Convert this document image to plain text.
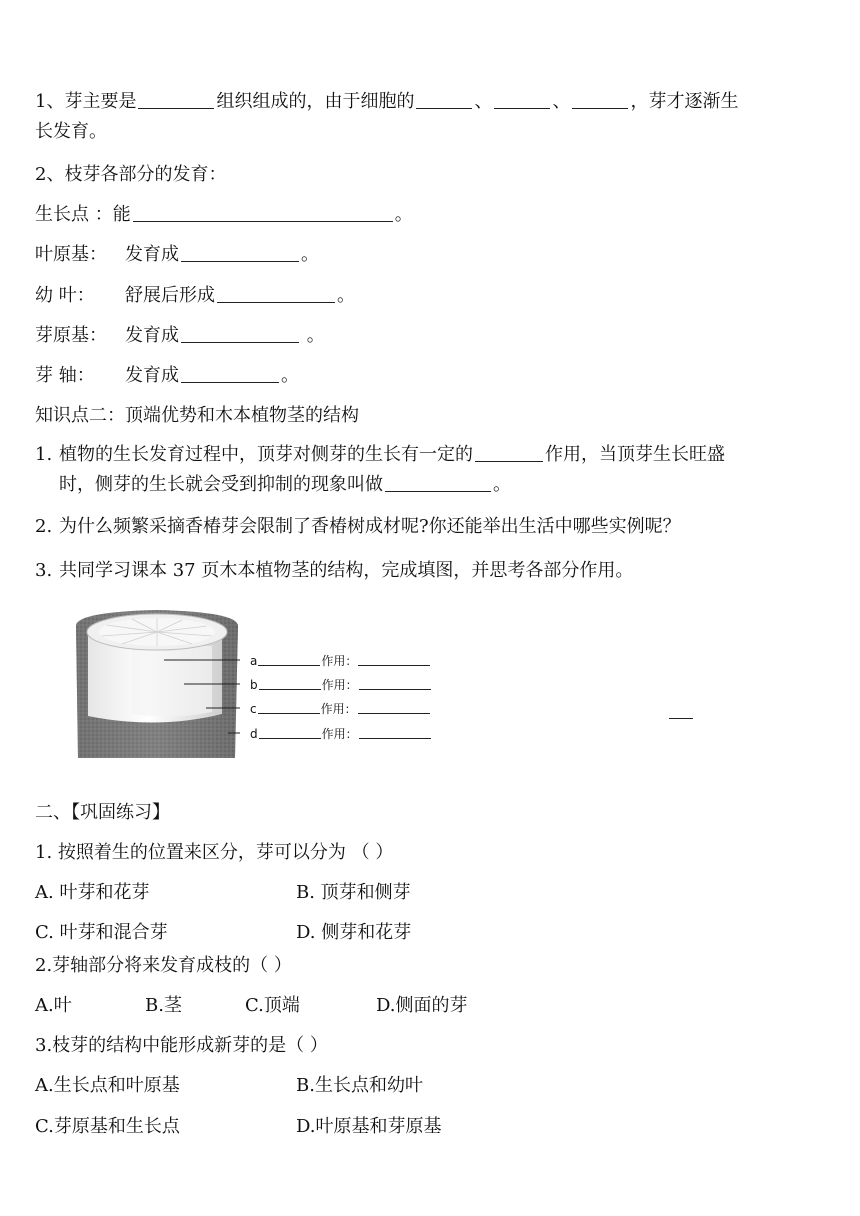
1、芽主要是	组织组成的，由于细胞的	、	、	，芽才逐渐生
长发育。
2、枝芽各部分的发育：
生长点 ：能	。
叶原基： 发育成	。
幼 叶： 舒展后形成	。
芽原基： 发育成	。
芽 轴： 发育成	。
知识点二：顶端优势和木本植物茎的结构
1. 植物的生长发育过程中，顶芽对侧芽的生长有一定的	作用，当顶芽生长旺盛
时，侧芽的生长就会受到抑制的现象叫做	。
2. 为什么频繁采摘香椿芽会限制了香椿树成材呢?你还能举出生活中哪些实例呢？
3. 共同学习课本 37 页木本植物茎的结构，完成填图，并思考各部分作用。
a	作用：
b	作用：
c	作用：
d	作用：
二、【巩固练习】
1. 按照着生的位置来区分，芽可以分为 （ ）
A. 叶芽和花芽	B. 顶芽和侧芽
C. 叶芽和混合芽	D. 侧芽和花芽
2.芽轴部分将来发育成枝的（ ）
A.叶	B.茎	C.顶端	D.侧面的芽
3.枝芽的结构中能形成新芽的是（ ）
A.生长点和叶原基	B.生长点和幼叶
C.芽原基和生长点	D.叶原基和芽原基
